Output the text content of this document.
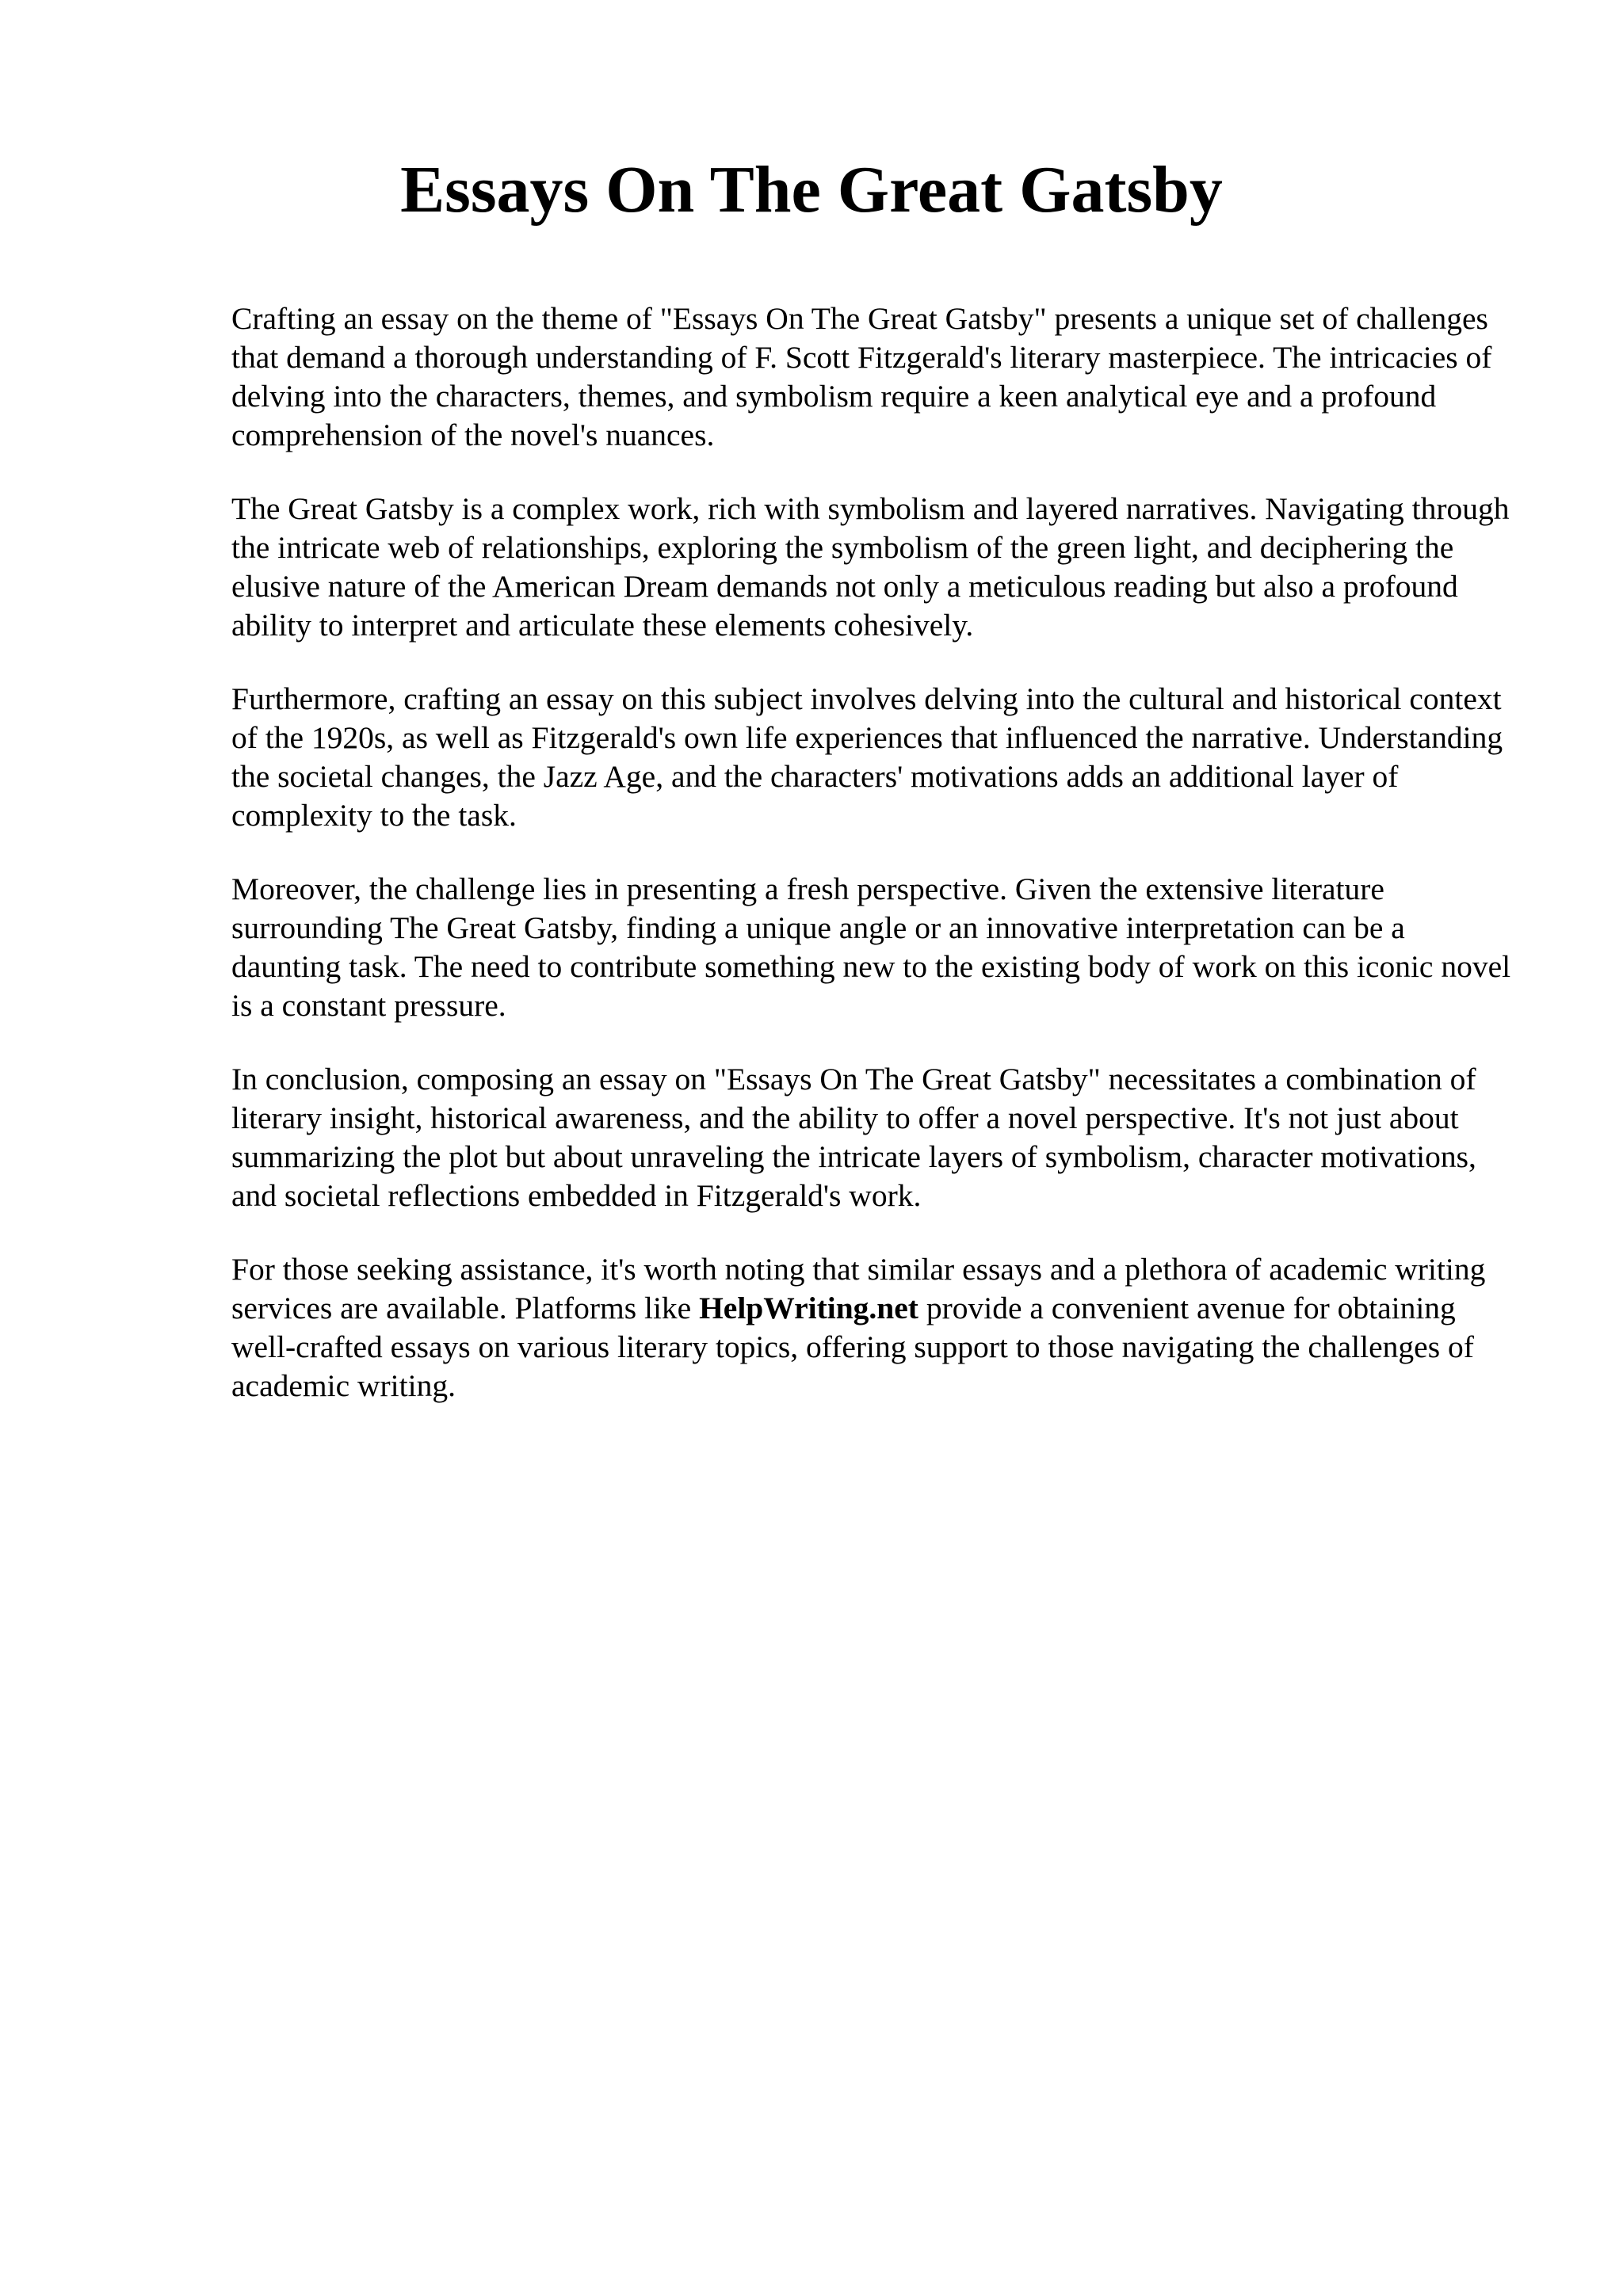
Essays On The Great Gatsby

Crafting an essay on the theme of "Essays On The Great Gatsby" presents a unique set of challenges that demand a thorough understanding of F. Scott Fitzgerald's literary masterpiece. The intricacies of delving into the characters, themes, and symbolism require a keen analytical eye and a profound comprehension of the novel's nuances.

The Great Gatsby is a complex work, rich with symbolism and layered narratives. Navigating through the intricate web of relationships, exploring the symbolism of the green light, and deciphering the elusive nature of the American Dream demands not only a meticulous reading but also a profound ability to interpret and articulate these elements cohesively.

Furthermore, crafting an essay on this subject involves delving into the cultural and historical context of the 1920s, as well as Fitzgerald's own life experiences that influenced the narrative. Understanding the societal changes, the Jazz Age, and the characters' motivations adds an additional layer of complexity to the task.

Moreover, the challenge lies in presenting a fresh perspective. Given the extensive literature surrounding The Great Gatsby, finding a unique angle or an innovative interpretation can be a daunting task. The need to contribute something new to the existing body of work on this iconic novel is a constant pressure.

In conclusion, composing an essay on "Essays On The Great Gatsby" necessitates a combination of literary insight, historical awareness, and the ability to offer a novel perspective. It's not just about summarizing the plot but about unraveling the intricate layers of symbolism, character motivations, and societal reflections embedded in Fitzgerald's work.

For those seeking assistance, it's worth noting that similar essays and a plethora of academic writing services are available. Platforms like HelpWriting.net provide a convenient avenue for obtaining well-crafted essays on various literary topics, offering support to those navigating the challenges of academic writing.
